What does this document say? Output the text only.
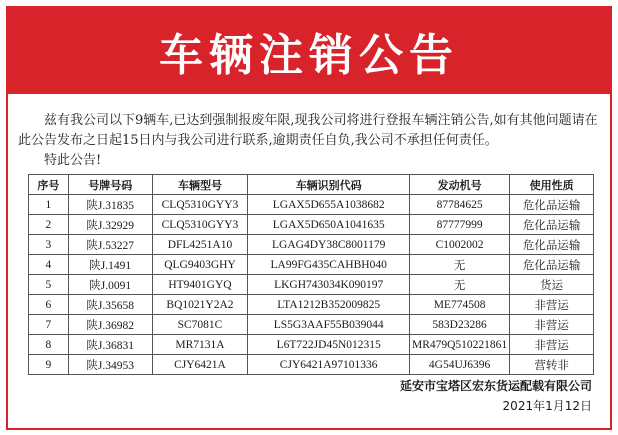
车辆注销公告

兹有我公司以下9辆车,已达到强制报废年限,现我公司将进行登报车辆注销公告,如有其他问题请在此公告发布之日起15日内与我公司进行联系,逾期责任自负,我公司不承担任何责任。

特此公告!

序号	号牌号码	车辆型号	车辆识别代码	发动机号	使用性质
1	陕J.31835	CLQ5310GYY3	LGAX5D655A1038682	87784625	危化品运输
2	陕J.32929	CLQ5310GYY3	LGAX5D650A1041635	87777999	危化品运输
3	陕J.53227	DFL4251A10	LGAG4DY38C8001179	C1002002	危化品运输
4	陕J.1491	QLG9403GHY	LA99FG435CAHBH040	无	危化品运输
5	陕J.0091	HT9401GYQ	LKGH743034K090197	无	货运
6	陕J.35658	BQ1021Y2A2	LTA1212B352009825	ME774508	非营运
7	陕J.36982	SC7081C	LS5G3AAF55B039044	583D23286	非营运
8	陕J.36831	MR7131A	L6T722JD45N012315	MR479Q510221861	非营运
9	陕J.34953	CJY6421A	CJY6421A97101336	4G54UJ6396	营转非
延安市宝塔区宏东货运配载有限公司
2021年1月12日
